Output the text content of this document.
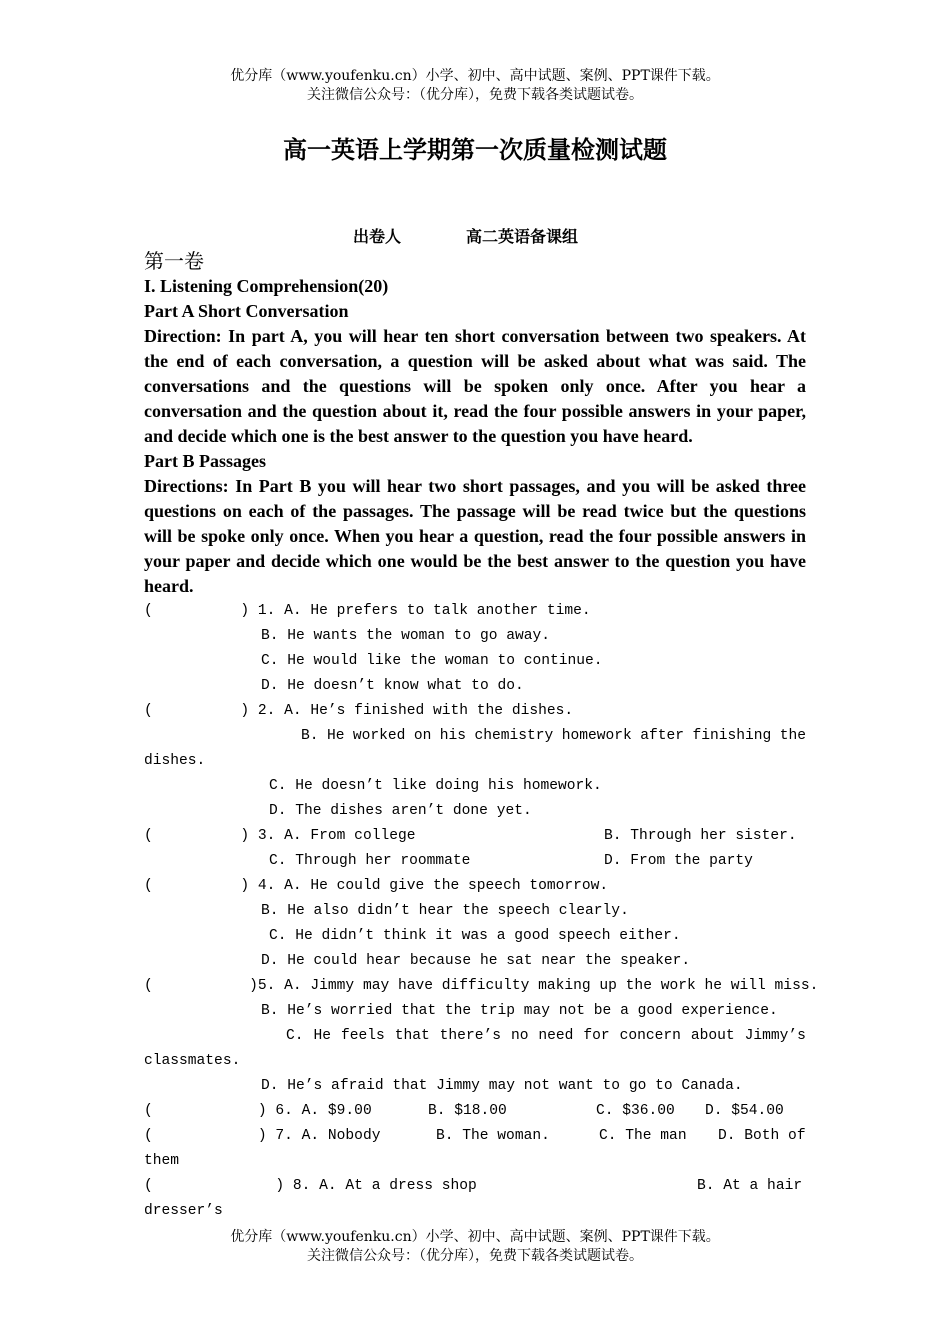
优分库（www.youfenku.cn）小学、初中、高中试题、案例、PPT课件下载。
关注微信公众号：（优分库），免费下载各类试题试卷。
高一英语上学期第一次质量检测试题
出卷人	高二英语备课组
第一卷
I. Listening Comprehension(20)
Part A Short Conversation
Direction: In part A, you will hear ten short conversation between two speakers. At the end of each conversation, a question will be asked about what was said. The conversations and the questions will be spoken only once. After you hear a conversation and the question about it, read the four possible answers in your paper, and decide which one is the best answer to the question you have heard.
Part B Passages
Directions: In Part B you will hear two short passages, and you will be asked three questions on each of the passages. The passage will be read twice but the questions will be spoke only once. When you hear a question, read the four possible answers in your paper and decide which one would be the best answer to the question you have heard.
(          ) 1. A. He prefers to talk another time.
B. He wants the woman to go away.
C. He would like the woman to continue.
D. He doesn’t know what to do.
(          ) 2. A. He’s finished with the dishes.
B. He worked on his chemistry homework after finishing the
dishes.
C. He doesn’t like doing his homework.
D. The dishes aren’t done yet.

(          ) 3. A. From college

	B. Through her sister.

C. Through her roommate

	D. From the party

(          ) 4. A. He could give the speech tomorrow.
B. He also didn’t hear the speech clearly.
C. He didn’t think it was a good speech either.
D. He could hear because he sat near the speaker.
(           )5. A. Jimmy may have difficulty making up the work he will miss.
B. He’s worried that the trip may not be a good experience.
C. He feels that there’s no need for concern about Jimmy’s
classmates.
D. He’s afraid that Jimmy may not want to go to Canada.

(            ) 6. A. $9.00

	B. $18.00

	C. $36.00

D. $54.00

(            ) 7. A. Nobody

	B. The woman.

	C. The man

D. Both of

them

(              ) 8. A. At a dress shop

	B. At a hair

dresser’s
优分库（www.youfenku.cn）小学、初中、高中试题、案例、PPT课件下载。
关注微信公众号：（优分库），免费下载各类试题试卷。
